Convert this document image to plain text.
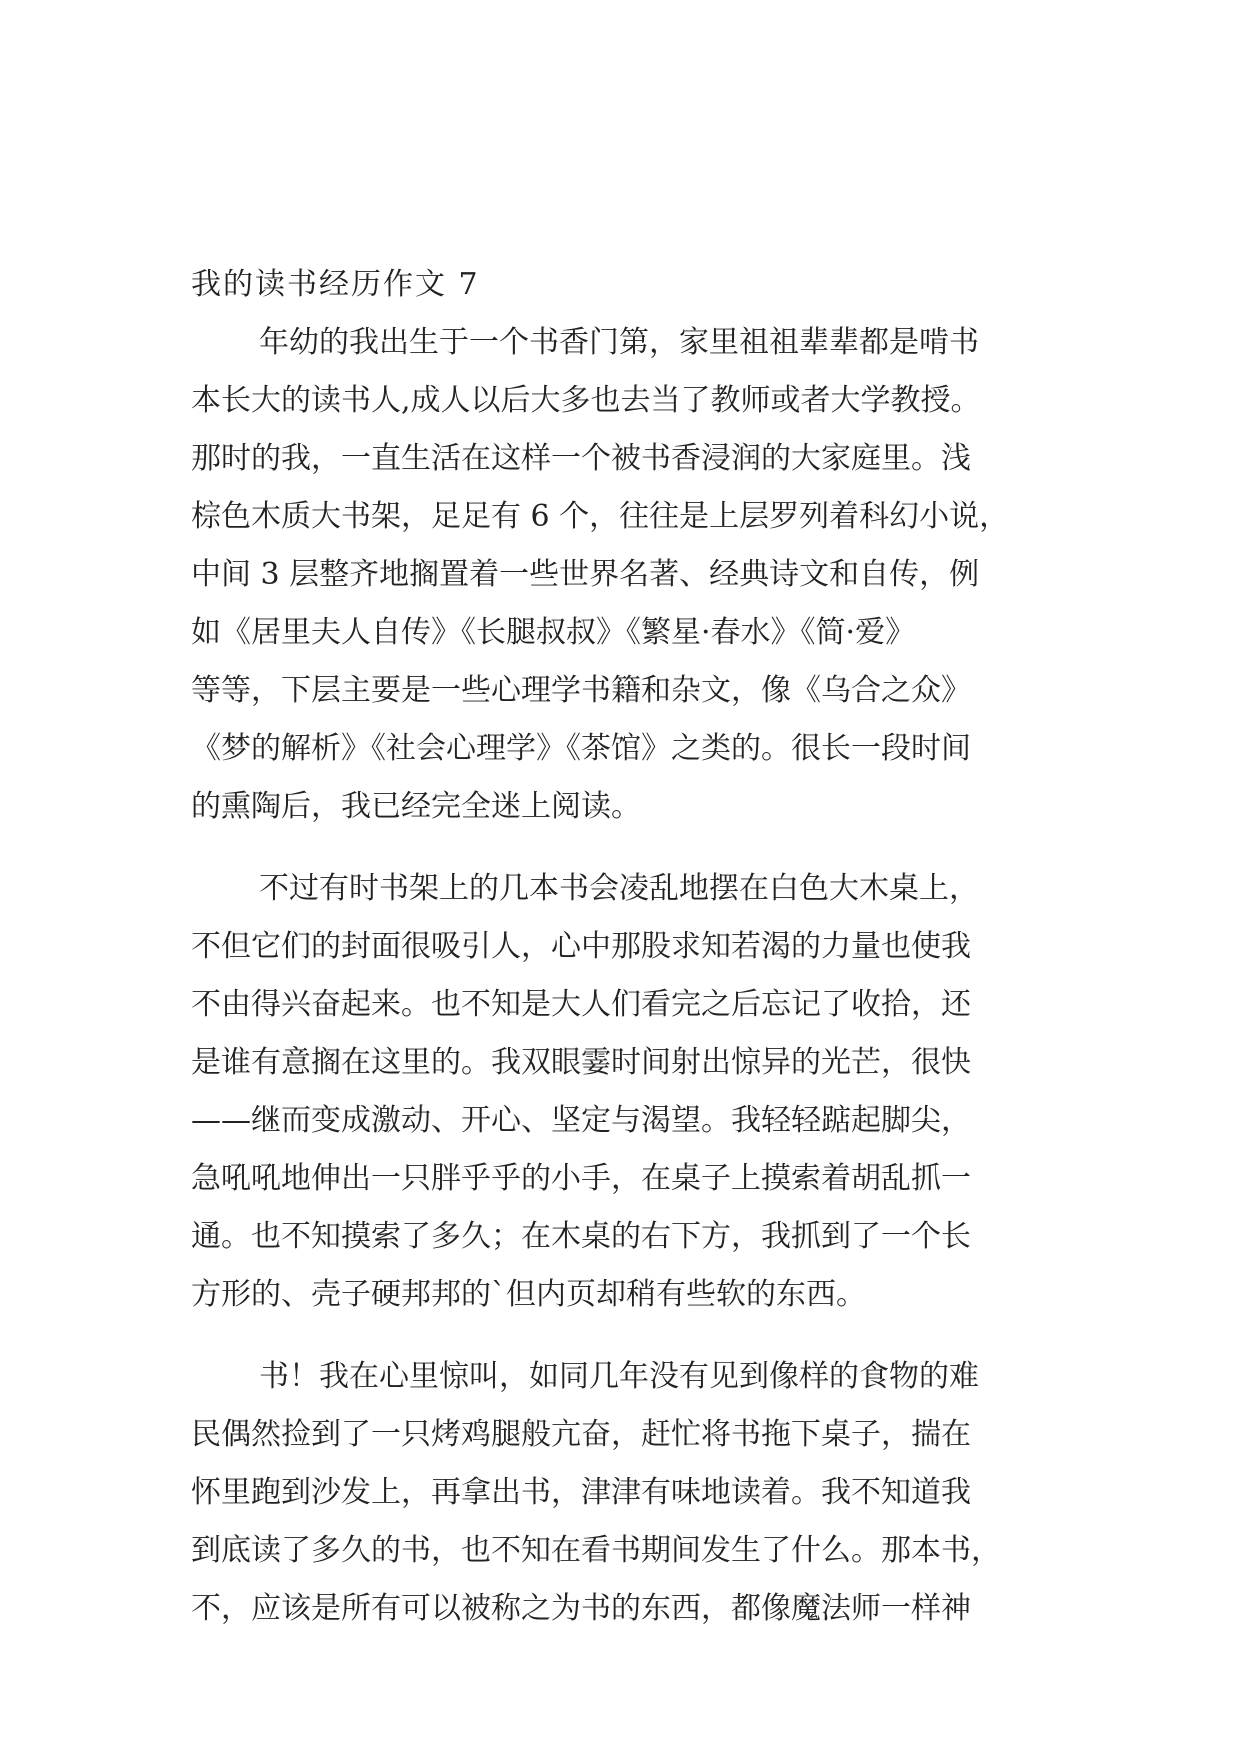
我的读书经历作文 7
年幼的我出生于一个书香门第，家里祖祖辈辈都是啃书
本长大的读书人,成人以后大多也去当了教师或者大学教授。
那时的我，一直生活在这样一个被书香浸润的大家庭里。浅
棕色木质大书架，足足有 6 个，往往是上层罗列着科幻小说，
中间 3 层整齐地搁置着一些世界名著、经典诗文和自传，例
如《居里夫人自传》《长腿叔叔》《繁星·春水》《简·爱》
等等，下层主要是一些心理学书籍和杂文，像《乌合之众》
《梦的解析》《社会心理学》《茶馆》之类的。很长一段时间
的熏陶后，我已经完全迷上阅读。
不过有时书架上的几本书会凌乱地摆在白色大木桌上，
不但它们的封面很吸引人，心中那股求知若渴的力量也使我
不由得兴奋起来。也不知是大人们看完之后忘记了收拾，还
是谁有意搁在这里的。我双眼霎时间射出惊异的光芒，很快
——继而变成激动、开心、坚定与渴望。我轻轻踮起脚尖，
急吼吼地伸出一只胖乎乎的小手，在桌子上摸索着胡乱抓一
通。也不知摸索了多久；在木桌的右下方，我抓到了一个长
方形的、壳子硬邦邦的`但内页却稍有些软的东西。
书！我在心里惊叫，如同几年没有见到像样的食物的难
民偶然捡到了一只烤鸡腿般亢奋，赶忙将书拖下桌子，揣在
怀里跑到沙发上，再拿出书，津津有味地读着。我不知道我
到底读了多久的书，也不知在看书期间发生了什么。那本书，
不，应该是所有可以被称之为书的东西，都像魔法师一样神
